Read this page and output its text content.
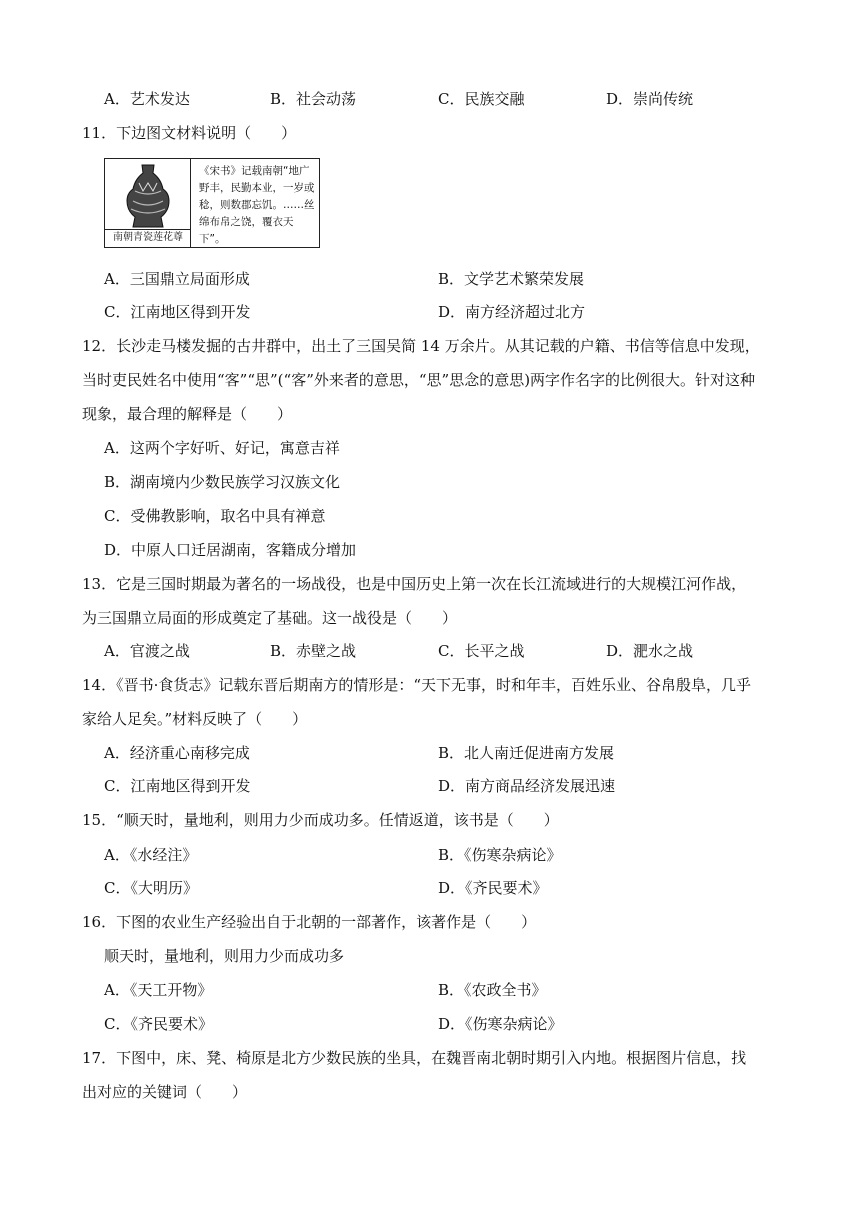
A．艺术发达	B．社会动荡	C．民族交融	D．崇尚传统
11．下边图文材料说明（　　）
南朝青瓷莲花尊
《宋书》记载南朝“地广野丰，民勤本业，一岁或稔，则数郡忘饥。……丝绵布帛之饶，覆衣天下”。
A．三国鼎立局面形成	B．文学艺术繁荣发展
C．江南地区得到开发	D．南方经济超过北方
12．长沙走马楼发掘的古井群中，出土了三国吴简 14 万余片。从其记载的户籍、书信等信息中发现，
当时吏民姓名中使用“客”“思”(“客”外来者的意思，“思”思念的意思)两字作名字的比例很大。针对这种
现象，最合理的解释是（　　）
A．这两个字好听、好记，寓意吉祥
B．湖南境内少数民族学习汉族文化
C．受佛教影响，取名中具有禅意
D．中原人口迁居湖南，客籍成分增加
13．它是三国时期最为著名的一场战役，也是中国历史上第一次在长江流域进行的大规模江河作战，
为三国鼎立局面的形成奠定了基础。这一战役是（　　）
A．官渡之战	B．赤壁之战	C．长平之战	D．淝水之战
14．《晋书·食货志》记载东晋后期南方的情形是：“天下无事，时和年丰，百姓乐业、谷帛殷阜，几乎
家给人足矣。”材料反映了（　　）
A．经济重心南移完成	B．北人南迁促进南方发展
C．江南地区得到开发	D．南方商品经济发展迅速
15．“顺天时，量地利，则用力少而成功多。任情返道，该书是（　　）
A．《水经注》	B．《伤寒杂病论》
C．《大明历》	D．《齐民要术》
16．下图的农业生产经验出自于北朝的一部著作，该著作是（　　）
顺天时，量地利，则用力少而成功多
A．《天工开物》	B．《农政全书》
C．《齐民要术》	D．《伤寒杂病论》
17．下图中，床、凳、椅原是北方少数民族的坐具，在魏晋南北朝时期引入内地。根据图片信息，找
出对应的关键词（　　）
